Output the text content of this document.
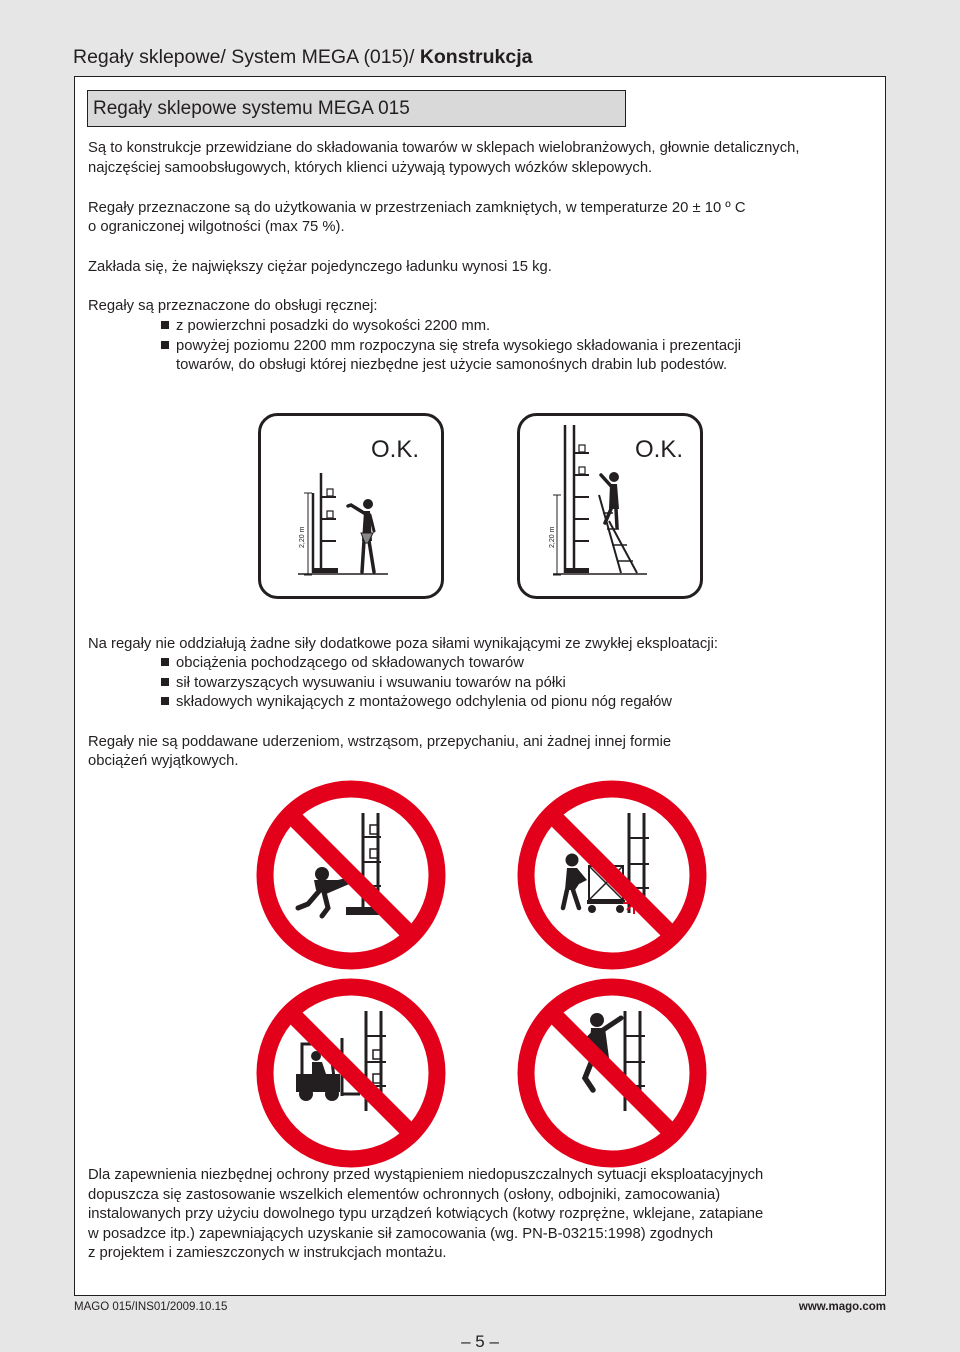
Regały sklepowe/ System MEGA (015)/ Konstrukcja
Regały sklepowe systemu MEGA 015
Są to konstrukcje przewidziane do składowania towarów w sklepach wielobranżowych, głownie detalicznych,
najczęściej samoobsługowych, których klienci używają typowych wózków sklepowych.
Regały przeznaczone są do użytkowania w przestrzeniach zamkniętych, w temperaturze 20 ± 10 º C
o ograniczonej wilgotności (max 75 %).
Zakłada się, że największy ciężar pojedynczego ładunku wynosi 15 kg.
Regały są przeznaczone do obsługi ręcznej:
z powierzchni posadzki do wysokości 2200 mm.
powyżej poziomu 2200 mm rozpoczyna się strefa wysokiego składowania i prezentacji
towarów, do obsługi której niezbędne jest użycie samonośnych drabin lub podestów.
O.K.
2,20 m
O.K.
2,20 m
Na regały nie oddziałują żadne siły dodatkowe poza siłami wynikającymi ze zwykłej eksploatacji:
obciążenia pochodzącego od składowanych towarów
sił towarzyszących wysuwaniu i wsuwaniu towarów na półki
składowych wynikających z montażowego odchylenia od pionu nóg regałów
Regały nie są poddawane uderzeniom, wstrząsom, przepychaniu, ani żadnej innej formie
obciążeń wyjątkowych.
Dla zapewnienia niezbędnej ochrony przed wystąpieniem niedopuszczalnych sytuacji eksploatacyjnych
dopuszcza się zastosowanie wszelkich elementów ochronnych (osłony, odbojniki, zamocowania)
instalowanych przy użyciu dowolnego typu urządzeń kotwiących (kotwy rozprężne, wklejane, zatapiane
w posadzce itp.) zapewniających uzyskanie sił zamocowania (wg. PN-B-03215:1998) zgodnych
z projektem i zamieszczonych w instrukcjach montażu.
MAGO 015/INS01/2009.10.15	www.mago.com
– 5 –
